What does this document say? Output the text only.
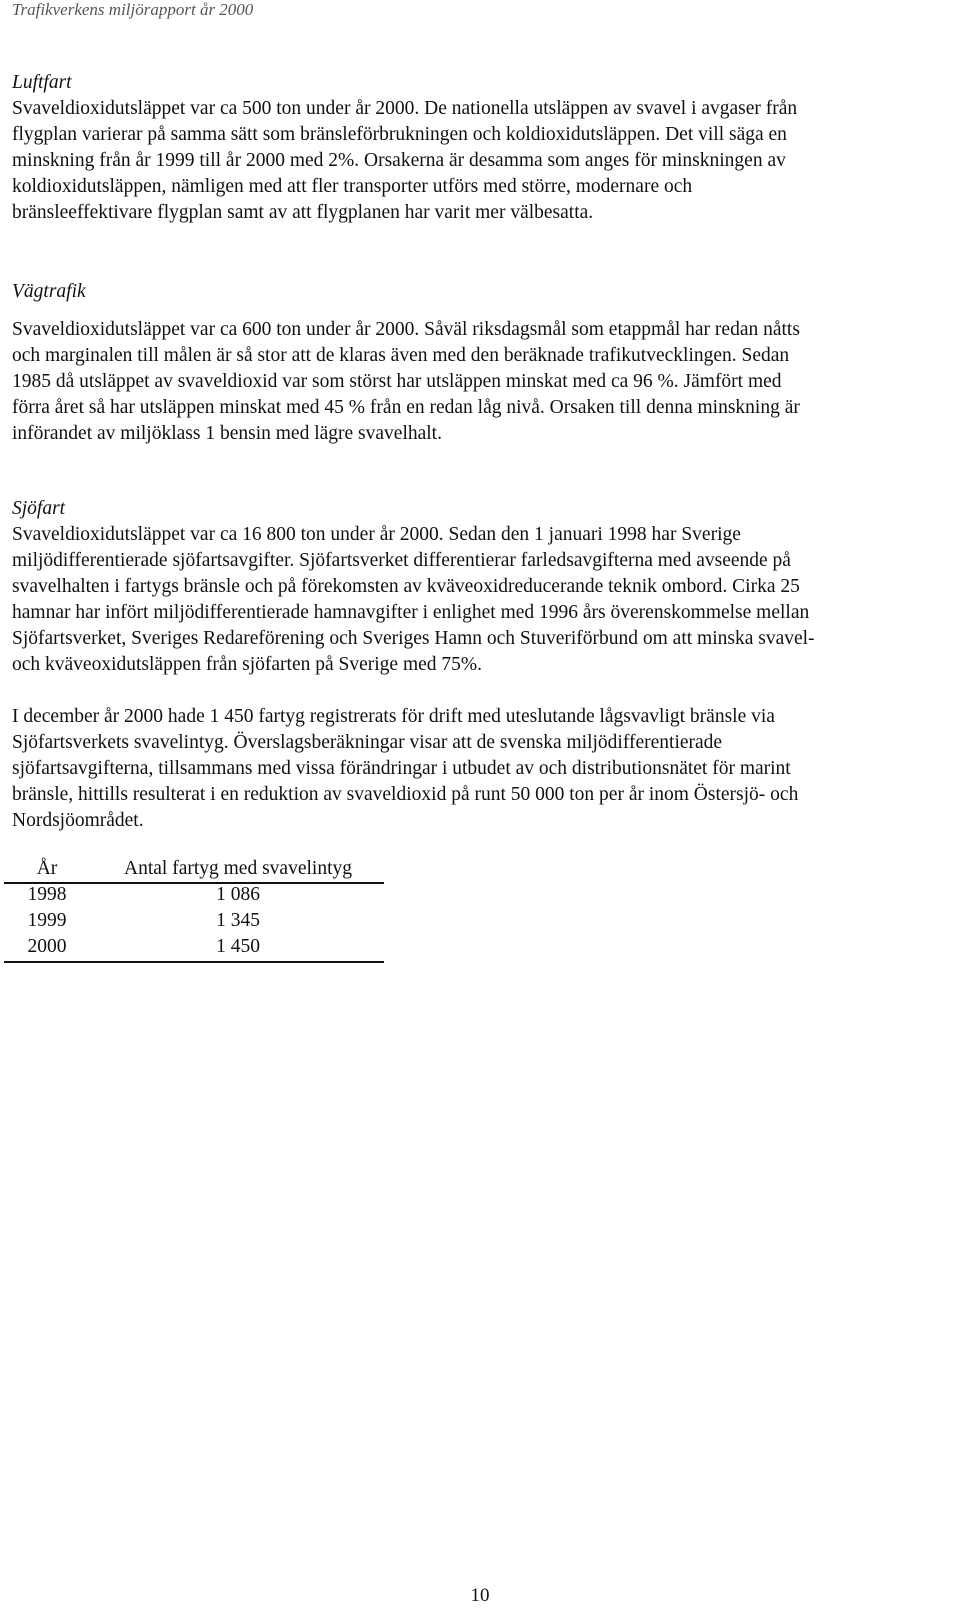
Trafikverkens miljörapport år 2000
Luftfart

Svaveldioxidutsläppet var ca 500 ton under år 2000. De nationella utsläppen av svavel i avgaser från
flygplan varierar på samma sätt som bränsleförbrukningen och koldioxidutsläppen. Det vill säga en
minskning från år 1999 till år 2000 med 2%. Orsakerna är desamma som anges för minskningen av
koldioxidutsläppen, nämligen med att fler transporter utförs med större, modernare och
bränsleeffektivare flygplan samt av att flygplanen har varit mer välbesatta.

Vägtrafik

Svaveldioxidutsläppet var ca 600 ton under år 2000. Såväl riksdagsmål som etappmål har redan nåtts
och marginalen till målen är så stor att de klaras även med den beräknade trafikutvecklingen. Sedan
1985 då utsläppet av svaveldioxid var som störst har utsläppen minskat med ca 96 %. Jämfört med
förra året så har utsläppen minskat med 45 % från en redan låg nivå. Orsaken till denna minskning är
införandet av miljöklass 1 bensin med lägre svavelhalt.

Sjöfart

Svaveldioxidutsläppet var ca 16 800 ton under år 2000. Sedan den 1 januari 1998 har Sverige
miljödifferentierade sjöfartsavgifter. Sjöfartsverket differentierar farledsavgifterna med avseende på
svavelhalten i fartygs bränsle och på förekomsten av kväveoxidreducerande teknik ombord. Cirka 25
hamnar har infört miljödifferentierade hamnavgifter i enlighet med 1996 års överenskommelse mellan
Sjöfartsverket, Sveriges Redareförening och Sveriges Hamn och Stuveriförbund om att minska svavel-
och kväveoxidutsläppen från sjöfarten på Sverige med 75%.

I december år 2000 hade 1 450 fartyg registrerats för drift med uteslutande lågsvavligt bränsle via
Sjöfartsverkets svavelintyg. Överslagsberäkningar visar att de svenska miljödifferentierade
sjöfartsavgifterna, tillsammans med vissa förändringar i utbudet av och distributionsnätet för marint
bränsle, hittills resulterat i en reduktion av svaveldioxid på runt 50 000 ton per år inom Östersjö- och
Nordsjöområdet.

År	Antal fartyg med svavelintyg
1998	1 086
1999	1 345
2000	1 450
10
